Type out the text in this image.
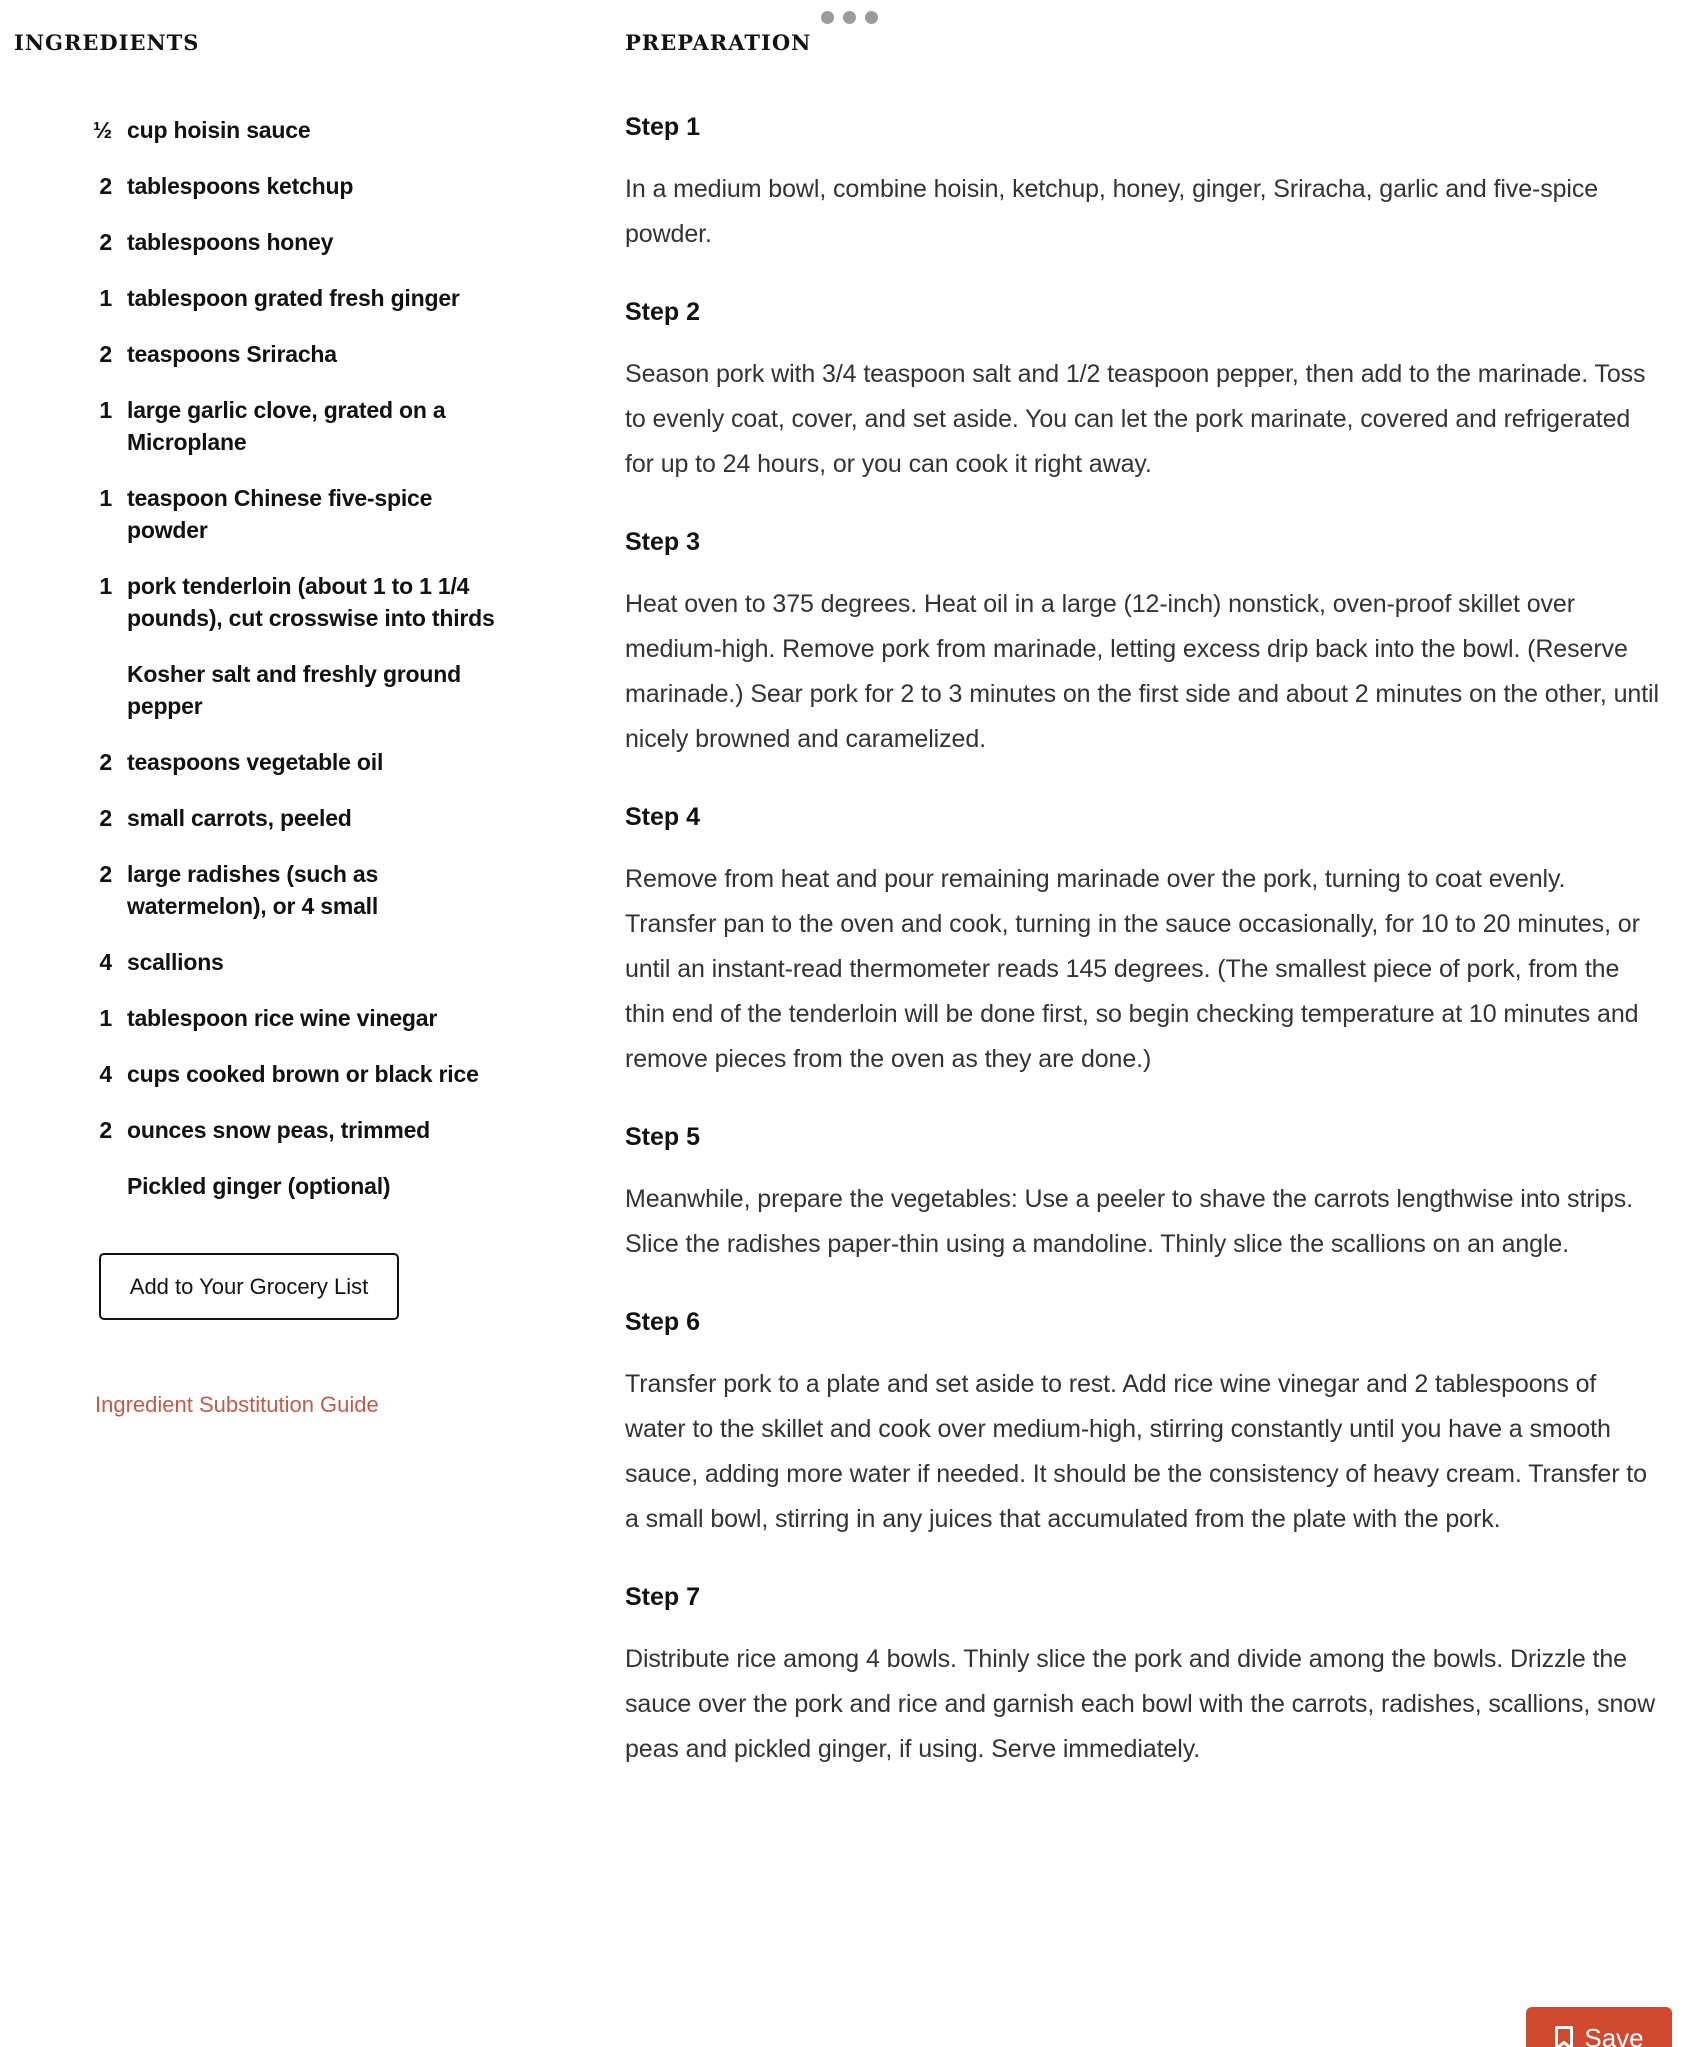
INGREDIENTS	PREPARATION
½ cup hoisin sauce
2 tablespoons ketchup
2 tablespoons honey
1 tablespoon grated fresh ginger
2 teaspoons Sriracha
1 large garlic clove, grated on a Microplane
1 teaspoon Chinese five-spice powder
1 pork tenderloin (about 1 to 1 1/4 pounds), cut crosswise into thirds
Kosher salt and freshly ground pepper
2 teaspoons vegetable oil
2 small carrots, peeled
2 large radishes (such as watermelon), or 4 small
4 scallions
1 tablespoon rice wine vinegar
4 cups cooked brown or black rice
2 ounces snow peas, trimmed
Pickled ginger (optional)
Add to Your Grocery List
Ingredient Substitution Guide
Step 1

In a medium bowl, combine hoisin, ketchup, honey, ginger, Sriracha, garlic and five-spice powder.

Step 2

Season pork with 3/4 teaspoon salt and 1/2 teaspoon pepper, then add to the marinade. Toss to evenly coat, cover, and set aside. You can let the pork marinate, covered and refrigerated for up to 24 hours, or you can cook it right away.

Step 3

Heat oven to 375 degrees. Heat oil in a large (12-inch) nonstick, oven-proof skillet over medium-high. Remove pork from marinade, letting excess drip back into the bowl. (Reserve marinade.) Sear pork for 2 to 3 minutes on the first side and about 2 minutes on the other, until nicely browned and caramelized.

Step 4

Remove from heat and pour remaining marinade over the pork, turning to coat evenly. Transfer pan to the oven and cook, turning in the sauce occasionally, for 10 to 20 minutes, or until an instant-read thermometer reads 145 degrees. (The smallest piece of pork, from the thin end of the tenderloin will be done first, so begin checking temperature at 10 minutes and remove pieces from the oven as they are done.)

Step 5

Meanwhile, prepare the vegetables: Use a peeler to shave the carrots lengthwise into strips. Slice the radishes paper-thin using a mandoline. Thinly slice the scallions on an angle.

Step 6

Transfer pork to a plate and set aside to rest. Add rice wine vinegar and 2 tablespoons of water to the skillet and cook over medium-high, stirring constantly until you have a smooth sauce, adding more water if needed. It should be the consistency of heavy cream. Transfer to a small bowl, stirring in any juices that accumulated from the plate with the pork.

Step 7

Distribute rice among 4 bowls. Thinly slice the pork and divide among the bowls. Drizzle the sauce over the pork and rice and garnish each bowl with the carrots, radishes, scallions, snow peas and pickled ginger, if using. Serve immediately.

Save
